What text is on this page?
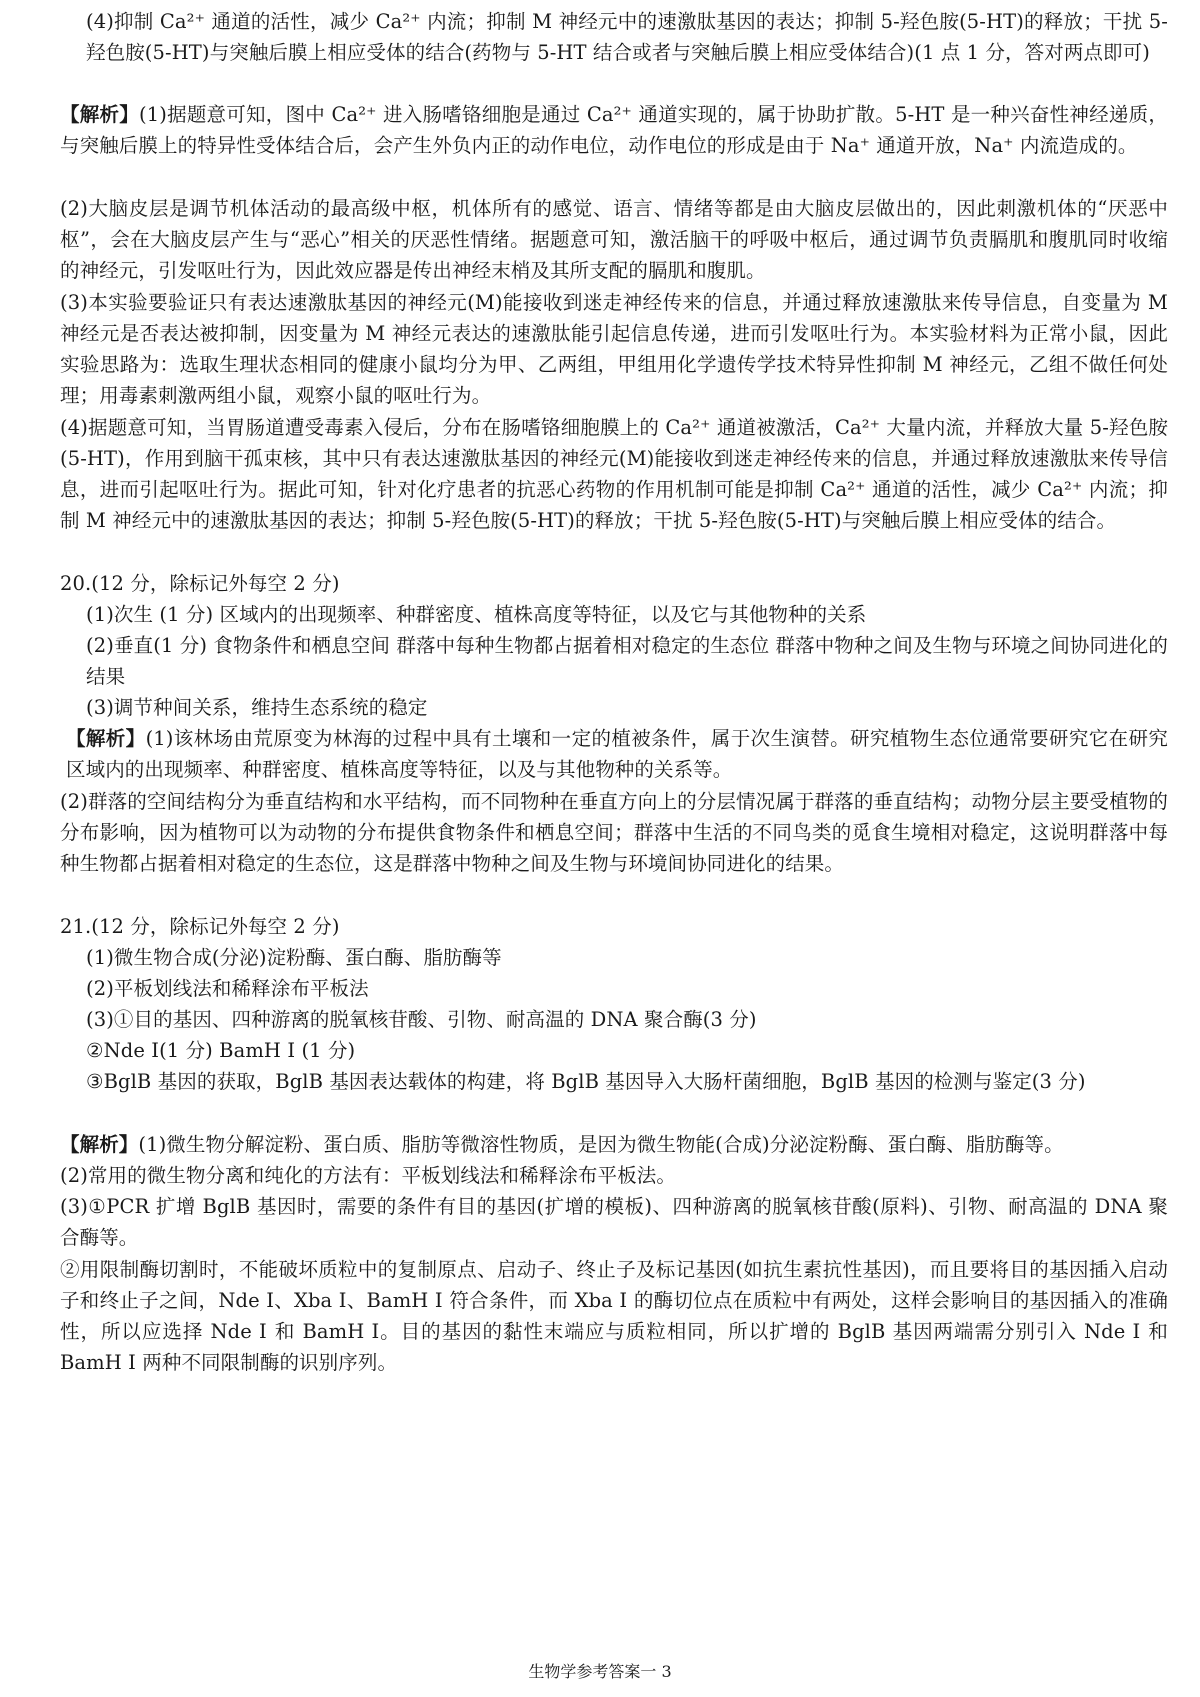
(4)抑制 Ca²⁺ 通道的活性，减少 Ca²⁺ 内流；抑制 M 神经元中的速激肽基因的表达；抑制 5-羟色胺(5-HT)的释放；干扰 5-羟色胺(5-HT)与突触后膜上相应受体的结合(药物与 5-HT 结合或者与突触后膜上相应受体结合)(1 点 1 分，答对两点即可)
【解析】(1)据题意可知，图中 Ca²⁺ 进入肠嗜铬细胞是通过 Ca²⁺ 通道实现的，属于协助扩散。5-HT 是一种兴奋性神经递质，与突触后膜上的特异性受体结合后，会产生外负内正的动作电位，动作电位的形成是由于 Na⁺ 通道开放，Na⁺ 内流造成的。
(2)大脑皮层是调节机体活动的最高级中枢，机体所有的感觉、语言、情绪等都是由大脑皮层做出的，因此刺激机体的“厌恶中枢”，会在大脑皮层产生与“恶心”相关的厌恶性情绪。据题意可知，激活脑干的呼吸中枢后，通过调节负责膈肌和腹肌同时收缩的神经元，引发呕吐行为，因此效应器是传出神经末梢及其所支配的膈肌和腹肌。
(3)本实验要验证只有表达速激肽基因的神经元(M)能接收到迷走神经传来的信息，并通过释放速激肽来传导信息，自变量为 M 神经元是否表达被抑制，因变量为 M 神经元表达的速激肽能引起信息传递，进而引发呕吐行为。本实验材料为正常小鼠，因此实验思路为：选取生理状态相同的健康小鼠均分为甲、乙两组，甲组用化学遗传学技术特异性抑制 M 神经元，乙组不做任何处理；用毒素刺激两组小鼠，观察小鼠的呕吐行为。
(4)据题意可知，当胃肠道遭受毒素入侵后，分布在肠嗜铬细胞膜上的 Ca²⁺ 通道被激活，Ca²⁺ 大量内流，并释放大量 5-羟色胺(5-HT)，作用到脑干孤束核，其中只有表达速激肽基因的神经元(M)能接收到迷走神经传来的信息，并通过释放速激肽来传导信息，进而引起呕吐行为。据此可知，针对化疗患者的抗恶心药物的作用机制可能是抑制 Ca²⁺ 通道的活性，减少 Ca²⁺ 内流；抑制 M 神经元中的速激肽基因的表达；抑制 5-羟色胺(5-HT)的释放；干扰 5-羟色胺(5-HT)与突触后膜上相应受体的结合。
20.(12 分，除标记外每空 2 分)
(1)次生 (1 分) 区域内的出现频率、种群密度、植株高度等特征，以及它与其他物种的关系
(2)垂直(1 分) 食物条件和栖息空间 群落中每种生物都占据着相对稳定的生态位 群落中物种之间及生物与环境之间协同进化的结果
(3)调节种间关系，维持生态系统的稳定
【解析】(1)该林场由荒原变为林海的过程中具有土壤和一定的植被条件，属于次生演替。研究植物生态位通常要研究它在研究区域内的出现频率、种群密度、植株高度等特征，以及与其他物种的关系等。
(2)群落的空间结构分为垂直结构和水平结构，而不同物种在垂直方向上的分层情况属于群落的垂直结构；动物分层主要受植物的分布影响，因为植物可以为动物的分布提供食物条件和栖息空间；群落中生活的不同鸟类的觅食生境相对稳定，这说明群落中每种生物都占据着相对稳定的生态位，这是群落中物种之间及生物与环境间协同进化的结果。
21.(12 分，除标记外每空 2 分)
(1)微生物合成(分泌)淀粉酶、蛋白酶、脂肪酶等
(2)平板划线法和稀释涂布平板法
(3)①目的基因、四种游离的脱氧核苷酸、引物、耐高温的 DNA 聚合酶(3 分)
②Nde Ⅰ(1 分) BamH Ⅰ (1 分)
③BglB 基因的获取，BglB 基因表达载体的构建，将 BglB 基因导入大肠杆菌细胞，BglB 基因的检测与鉴定(3 分)
【解析】(1)微生物分解淀粉、蛋白质、脂肪等微溶性物质，是因为微生物能(合成)分泌淀粉酶、蛋白酶、脂肪酶等。
(2)常用的微生物分离和纯化的方法有：平板划线法和稀释涂布平板法。
(3)①PCR 扩增 BglB 基因时，需要的条件有目的基因(扩增的模板)、四种游离的脱氧核苷酸(原料)、引物、耐高温的 DNA 聚合酶等。
②用限制酶切割时，不能破坏质粒中的复制原点、启动子、终止子及标记基因(如抗生素抗性基因)，而且要将目的基因插入启动子和终止子之间，Nde Ⅰ、Xba Ⅰ、BamH Ⅰ 符合条件，而 Xba Ⅰ 的酶切位点在质粒中有两处，这样会影响目的基因插入的准确性，所以应选择 Nde Ⅰ 和 BamH Ⅰ。目的基因的黏性末端应与质粒相同，所以扩增的 BglB 基因两端需分别引入 Nde Ⅰ 和 BamH Ⅰ 两种不同限制酶的识别序列。
生物学参考答案一 3
